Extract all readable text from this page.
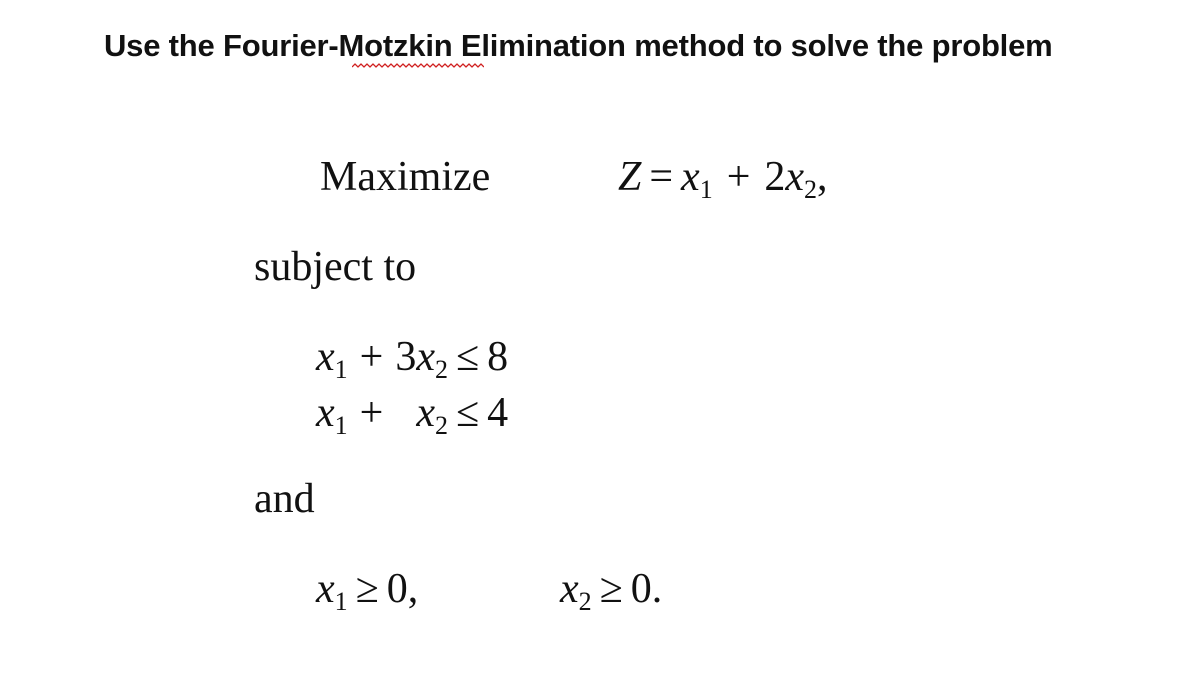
Use the Fourier-Motzkin Elimination method to solve the problem
Maximize	$Z = x_1 + 2x_2$,
subject to
$x_1 + 3x_2 \le 8$
$x_1 + x_2 \le 4$
and
$x_1 \ge 0$,	$x_2 \ge 0$.
